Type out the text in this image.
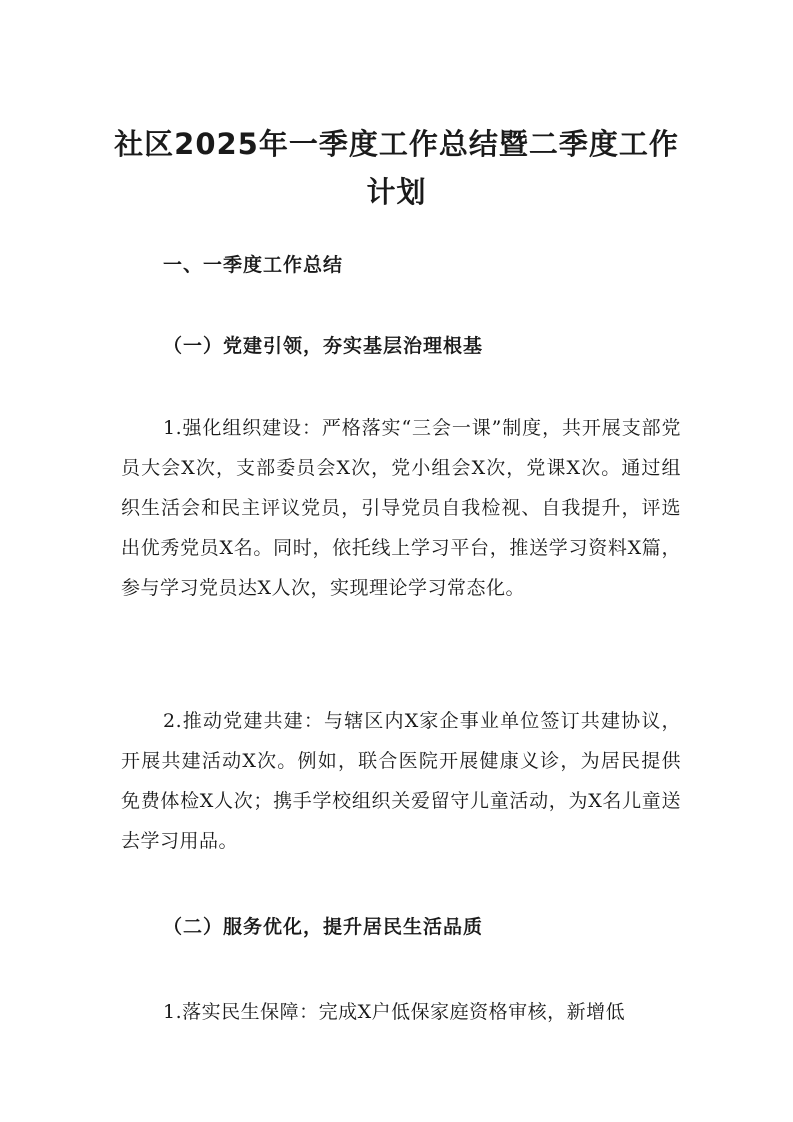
社区2025年一季度工作总结暨二季度工作
计划
一、一季度工作总结
（一）党建引领，夯实基层治理根基

1.强化组织建设：严格落实“三会一课”制度，共开展支部党员大会X次，支部委员会X次，党小组会X次，党课X次。通过组织生活会和民主评议党员，引导党员自我检视、自我提升，评选出优秀党员X名。同时，依托线上学习平台，推送学习资料X篇，参与学习党员达X人次，实现理论学习常态化。

2.推动党建共建：与辖区内X家企事业单位签订共建协议，开展共建活动X次。例如，联合医院开展健康义诊，为居民提供免费体检X人次；携手学校组织关爱留守儿童活动，为X名儿童送去学习用品。

（二）服务优化，提升居民生活品质

1.落实民生保障：完成X户低保家庭资格审核，新增低
